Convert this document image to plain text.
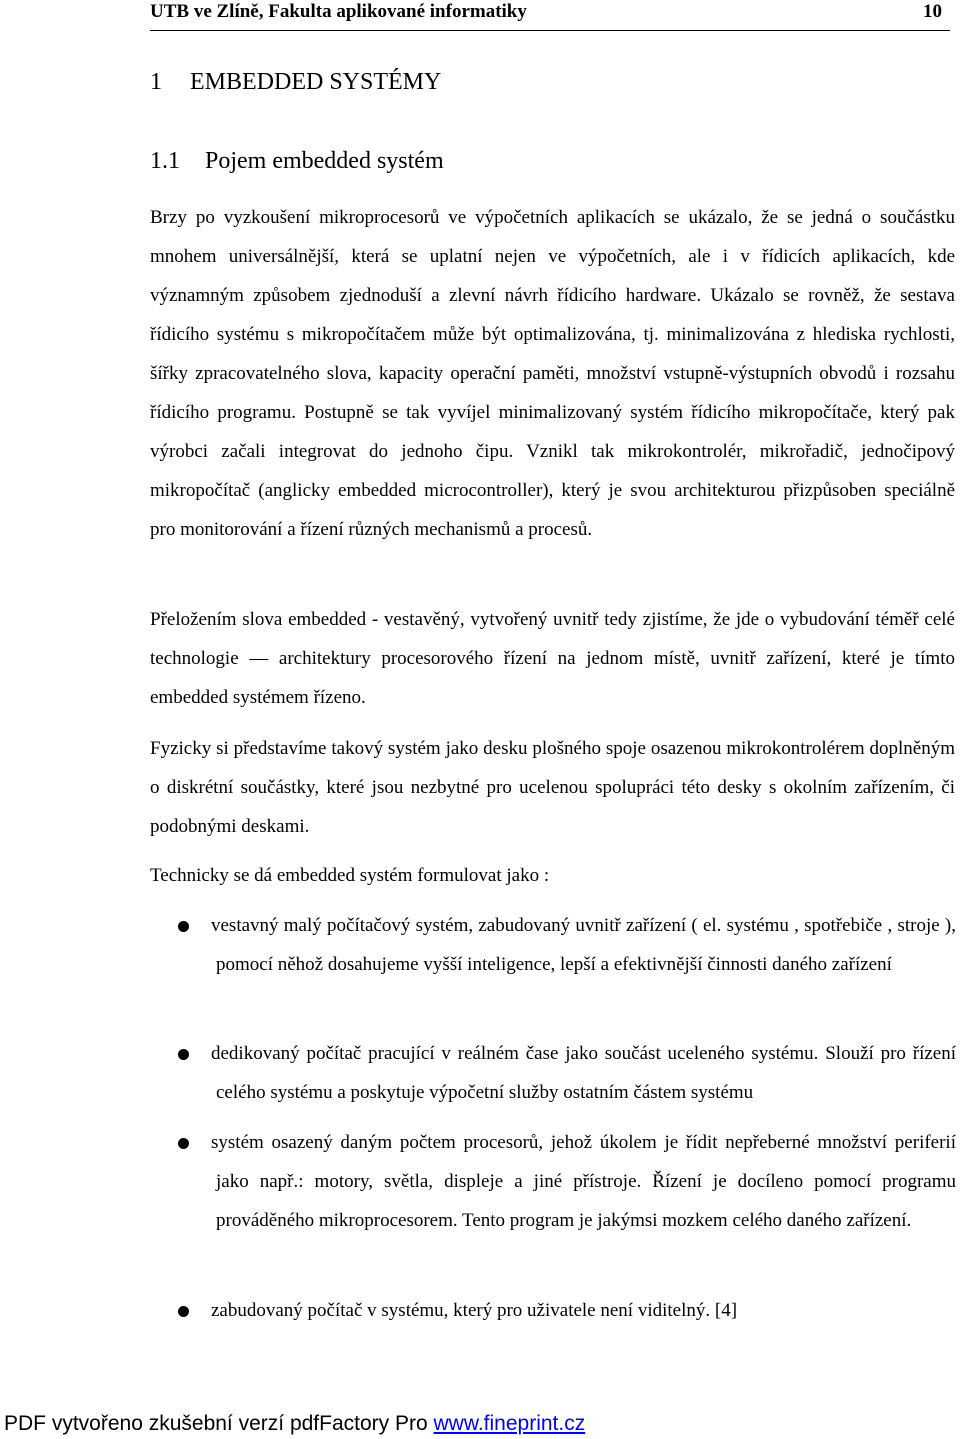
UTB ve Zlíně, Fakulta aplikované informatiky	10
1 EMBEDDED SYSTÉMY
1.1 Pojem embedded systém

Brzy po vyzkoušení mikroprocesorů ve výpočetních aplikacích se ukázalo, že se jedná o součástku mnohem universálnější, která se uplatní nejen ve výpočetních, ale i v řídicích aplikacích, kde významným způsobem zjednoduší a zlevní návrh řídicího hardware. Ukázalo se rovněž, že sestava řídicího systému s mikropočítačem může být optimalizována, tj. minimalizována z hlediska rychlosti, šířky zpracovatelného slova, kapacity operační paměti, množství vstupně-výstupních obvodů i rozsahu řídicího programu. Postupně se tak vyvíjel minimalizovaný systém řídicího mikropočítače, který pak výrobci začali integrovat do jednoho čipu. Vznikl tak mikrokontrolér, mikrořadič, jednočipový mikropočítač (anglicky embedded microcontroller), který je svou architekturou přizpůsoben speciálně pro monitorování a řízení různých mechanismů a procesů.

Přeložením slova embedded - vestavěný, vytvořený uvnitř tedy zjistíme, že jde o vybudování téměř celé technologie — architektury procesorového řízení na jednom místě, uvnitř zařízení, které je tímto embedded systémem řízeno.

Fyzicky si představíme takový systém jako desku plošného spoje osazenou mikrokontrolérem doplněným o diskrétní součástky, které jsou nezbytné pro ucelenou spolupráci této desky s okolním zařízením, či podobnými deskami.

Technicky se dá embedded systém formulovat jako :

vestavný malý počítačový systém, zabudovaný uvnitř zařízení ( el. systému , spotřebiče , stroje ), pomocí něhož dosahujeme vyšší inteligence, lepší a efektivnější činnosti daného zařízení
dedikovaný počítač pracující v reálném čase jako součást uceleného systému. Slouží pro řízení celého systému a poskytuje výpočetní služby ostatním částem systému
systém osazený daným počtem procesorů, jehož úkolem je řídit nepřeberné množství periferií jako např.: motory, světla, displeje a jiné přístroje. Řízení je docíleno pomocí programu prováděného mikroprocesorem. Tento program je jakýmsi mozkem celého daného zařízení.
zabudovaný počítač v systému, který pro uživatele není viditelný. [4]
PDF vytvořeno zkušební verzí pdfFactory Pro www.fineprint.cz
